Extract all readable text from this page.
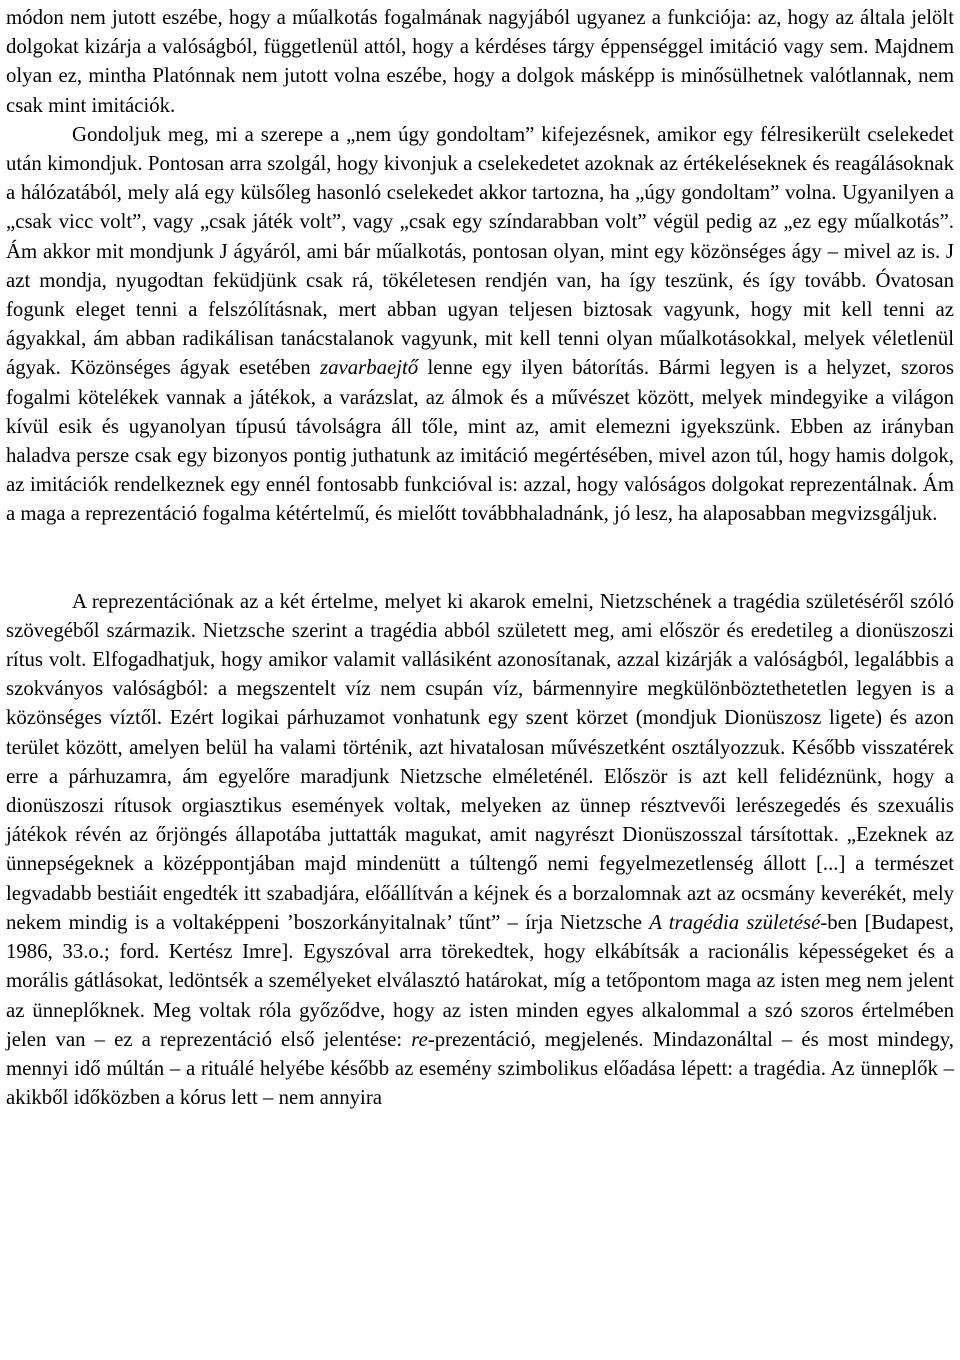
módon nem jutott eszébe, hogy a műalkotás fogalmának nagyjából ugyanez a funkciója: az, hogy az általa jelölt dolgokat kizárja a valóságból, függetlenül attól, hogy a kérdéses tárgy éppenséggel imitáció vagy sem. Majdnem olyan ez, mintha Platónnak nem jutott volna eszébe, hogy a dolgok másképp is minősülhetnek valótlannak, nem csak mint imitációk.

Gondoljuk meg, mi a szerepe a „nem úgy gondoltam” kifejezésnek, amikor egy félresikerült cselekedet után kimondjuk. Pontosan arra szolgál, hogy kivonjuk a cselekedetet azoknak az értékeléseknek és reagálásoknak a hálózatából, mely alá egy külsőleg hasonló cselekedet akkor tartozna, ha „úgy gondoltam” volna. Ugyanilyen a „csak vicc volt”, vagy „csak játék volt”, vagy „csak egy színdarabban volt” végül pedig az „ez egy műalkotás”. Ám akkor mit mondjunk J ágyáról, ami bár műalkotás, pontosan olyan, mint egy közönséges ágy – mivel az is. J azt mondja, nyugodtan feküdjünk csak rá, tökéletesen rendjén van, ha így teszünk, és így tovább. Óvatosan fogunk eleget tenni a felszólításnak, mert abban ugyan teljesen biztosak vagyunk, hogy mit kell tenni az ágyakkal, ám abban radikálisan tanácstalanok vagyunk, mit kell tenni olyan műalkotásokkal, melyek véletlenül ágyak. Közönséges ágyak esetében zavarbaejtő lenne egy ilyen bátorítás. Bármi legyen is a helyzet, szoros fogalmi kötelékek vannak a játékok, a varázslat, az álmok és a művészet között, melyek mindegyike a világon kívül esik és ugyanolyan típusú távolságra áll tőle, mint az, amit elemezni igyekszünk. Ebben az irányban haladva persze csak egy bizonyos pontig juthatunk az imitáció megértésében, mivel azon túl, hogy hamis dolgok, az imitációk rendelkeznek egy ennél fontosabb funkcióval is: azzal, hogy valóságos dolgokat reprezentálnak. Ám a maga a reprezentáció fogalma kétértelmű, és mielőtt továbbhaladnánk, jó lesz, ha alaposabban megvizsgáljuk.

A reprezentációnak az a két értelme, melyet ki akarok emelni, Nietzschének a tragédia születéséről szóló szövegéből származik. Nietzsche szerint a tragédia abból született meg, ami először és eredetileg a dionüszoszi rítus volt. Elfogadhatjuk, hogy amikor valamit vallásiként azonosítanak, azzal kizárják a valóságból, legalábbis a szokványos valóságból: a megszentelt víz nem csupán víz, bármennyire megkülönböztethetetlen legyen is a közönséges víztől. Ezért logikai párhuzamot vonhatunk egy szent körzet (mondjuk Dionüszosz ligete) és azon terület között, amelyen belül ha valami történik, azt hivatalosan művészetként osztályozzuk. Később visszatérek erre a párhuzamra, ám egyelőre maradjunk Nietzsche elméleténél. Először is azt kell felidéznünk, hogy a dionüszoszi rítusok orgiasztikus események voltak, melyeken az ünnep résztvevői lerészegedés és szexuális játékok révén az őrjöngés állapotába juttatták magukat, amit nagyrészt Dionüszosszal társítottak. „Ezeknek az ünnepségeknek a középpontjában majd mindenütt a túltengő nemi fegyelmezetlenség állott [...] a természet legvadabb bestiáit engedték itt szabadjára, előállítván a kéjnek és a borzalomnak azt az ocsmány keverékét, mely nekem mindig is a voltaképpeni ’boszorkányitalnak’ tűnt” – írja Nietzsche A tragédia születésé-ben [Budapest, 1986, 33.o.; ford. Kertész Imre]. Egyszóval arra törekedtek, hogy elkábítsák a racionális képességeket és a morális gátlásokat, ledöntsék a személyeket elválasztó határokat, míg a tetőpontom maga az isten meg nem jelent az ünneplőknek. Meg voltak róla győződve, hogy az isten minden egyes alkalommal a szó szoros értelmében jelen van – ez a reprezentáció első jelentése: re-prezentáció, megjelenés. Mindazonáltal – és most mindegy, mennyi idő múltán – a rituálé helyébe később az esemény szimbolikus előadása lépett: a tragédia. Az ünneplők – akikből időközben a kórus lett – nem annyira
